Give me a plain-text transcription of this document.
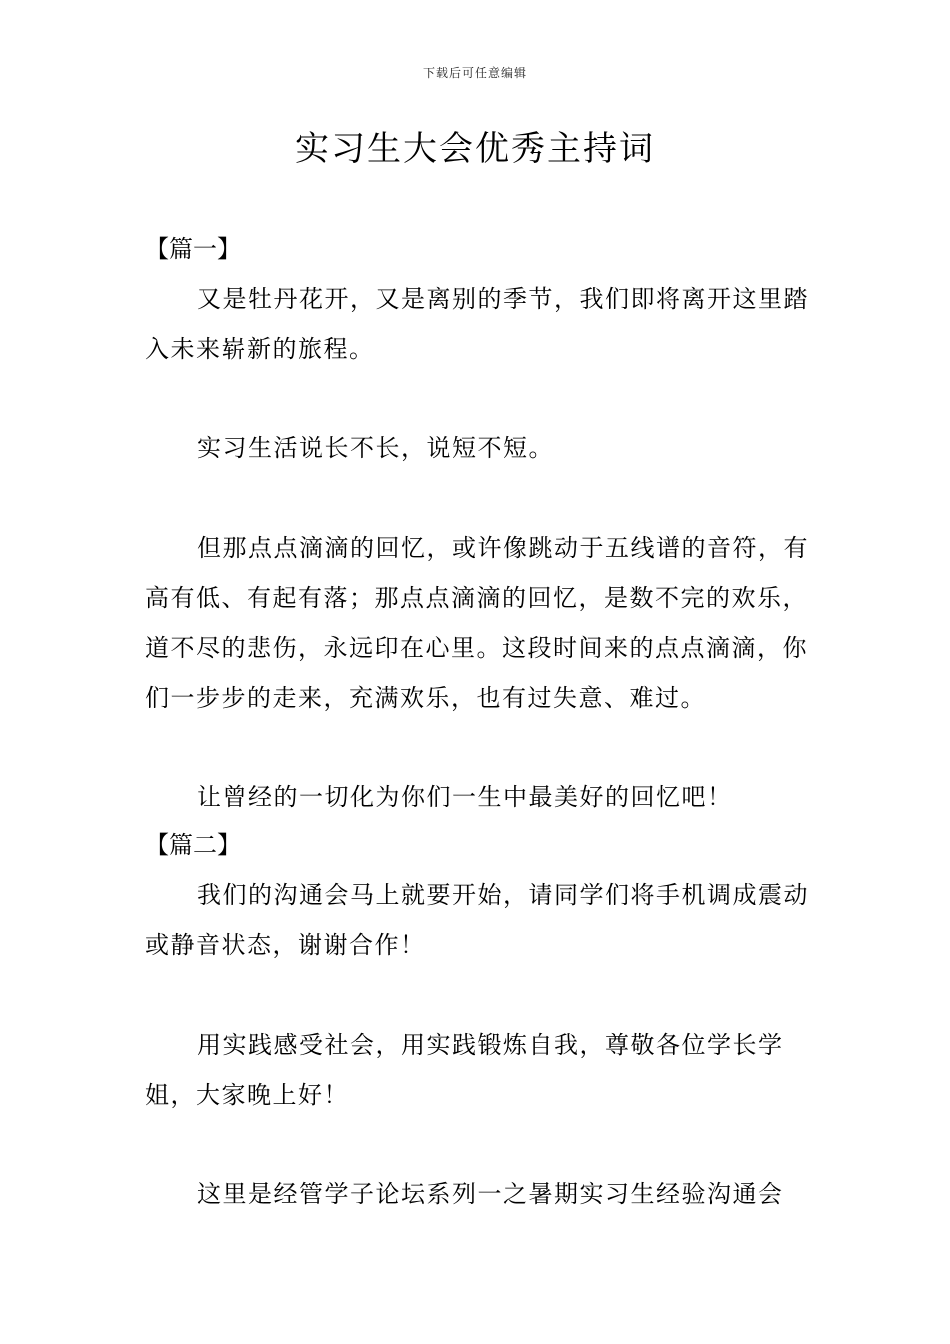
下载后可任意编辑
实习生大会优秀主持词
【篇一】

又是牡丹花开，又是离别的季节，我们即将离开这里踏入未来崭新的旅程。

实习生活说长不长，说短不短。

但那点点滴滴的回忆，或许像跳动于五线谱的音符，有高有低、有起有落；那点点滴滴的回忆，是数不完的欢乐，道不尽的悲伤，永远印在心里。这段时间来的点点滴滴，你们一步步的走来，充满欢乐，也有过失意、难过。

让曾经的一切化为你们一生中最美好的回忆吧！

【篇二】

我们的沟通会马上就要开始，请同学们将手机调成震动或静音状态，谢谢合作！

用实践感受社会，用实践锻炼自我，尊敬各位学长学姐，大家晚上好！

这里是经管学子论坛系列一之暑期实习生经验沟通会
